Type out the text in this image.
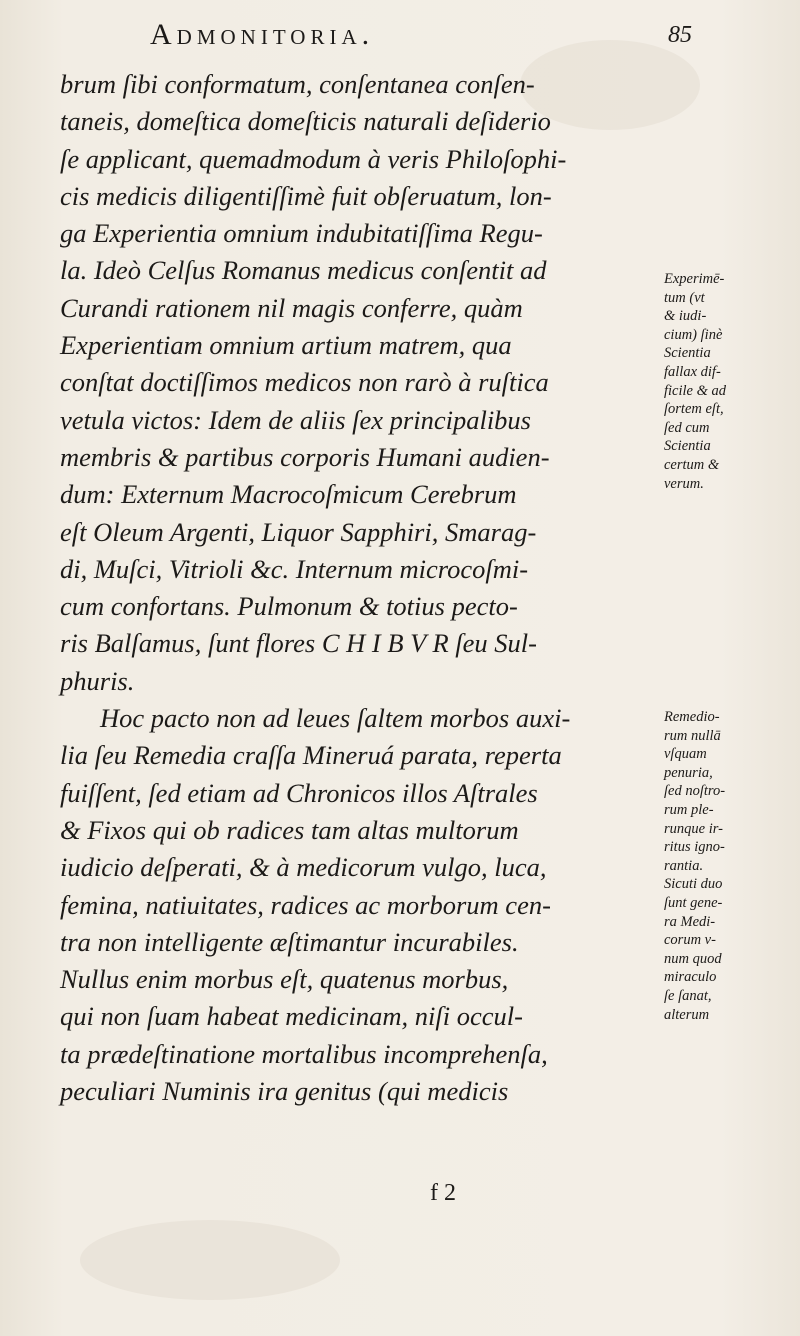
Admonitoria.	85
brum ſibi conformatum, conſentanea conſen-
taneis, domeſtica domeſticis naturali deſiderio
ſe applicant, quemadmodum à veris Philoſophi-
cis medicis diligentiſſimè fuit obſeruatum, lon-
ga Experientia omnium indubitatiſſima Regu-
la. Ideò Celſus Romanus medicus conſentit ad
Curandi rationem nil magis conferre, quàm
Experientiam omnium artium matrem, qua
conſtat doctiſſimos medicos non rarò à ruſtica
vetula victos: Idem de aliis ſex principalibus
membris & partibus corporis Humani audien-
dum: Externum Macrocoſmicum Cerebrum
eſt Oleum Argenti, Liquor Sapphiri, Smarag-
di, Muſci, Vitrioli &c. Internum microcoſmi-
cum confortans. Pulmonum & totius pecto-
ris Balſamus, ſunt flores C H I B V R ſeu Sul-
phuris.
Hoc pacto non ad leues ſaltem morbos auxi-
lia ſeu Remedia craſſa Mineruá parata, reperta
fuiſſent, ſed etiam ad Chronicos illos Aſtrales
& Fixos qui ob radices tam altas multorum
iudicio deſperati, & à medicorum vulgo, luca,
femina, natiuitates, radices ac morborum cen-
tra non intelligente æſtimantur incurabiles.
Nullus enim morbus eſt, quatenus morbus,
qui non ſuam habeat medicinam, niſi occul-
ta prædeſtinatione mortalibus incomprehenſa,
peculiari Numinis ira genitus (qui medicis
Experimē-
tum (vt
& iudi-
cium) ſinè
Scientia
fallax dif-
ficile & ad
ſortem eſt,
ſed cum
Scientia
certum &
verum.
Remedio-
rum nullā
vſquam
penuria,
ſed noſtro-
rum ple-
runque ir-
ritus igno-
rantia.
Sicuti duo
ſunt gene-
ra Medi-
corum v-
num quod
miraculo
ſe ſanat,
alterum
f 2
